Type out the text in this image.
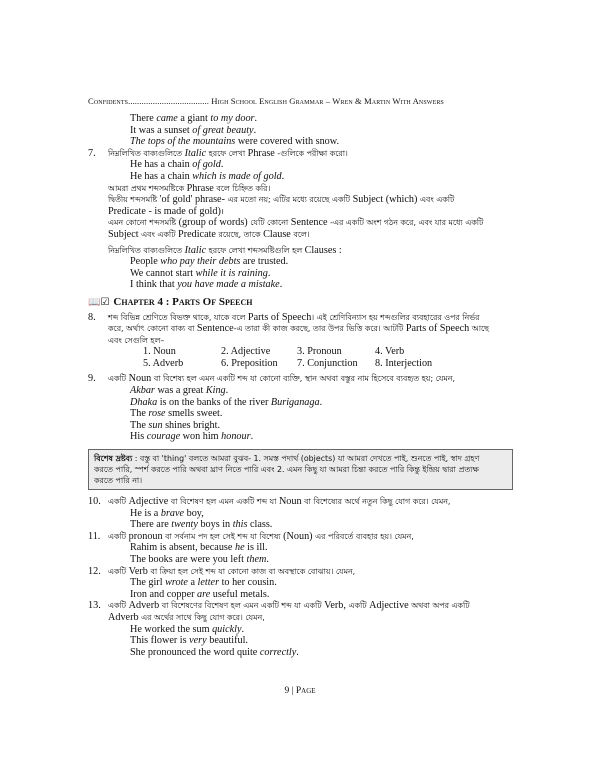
Confidents.................................... High School English Grammar – Wren & Martin With Answers
There came a giant to my door.
It was a sunset of great beauty.
The tops of the mountains were covered with snow.
7. নিম্নলিখিত বাক্যগুলিতে Italic হরফে লেখা Phrase -গুলিকে পরীক্ষা করো।
He has a chain of gold.
He has a chain which is made of gold.
আমরা প্রথম শব্দসমষ্টিকে Phrase বলে চিহ্নিত করি।
দ্বিতীয় শব্দসমষ্টি 'of gold' phrase- এর মতো নয়; এটির মধ্যে রয়েছে একটি Subject (which) এবং একটি
Predicate - is made of gold)।
এমন কোনো শব্দসমষ্টি (group of words) যেটি কোনো Sentence -এর একটি অংশ গঠন করে, এবং যার মধ্যে একটি
Subject এবং একটি Predicate রয়েছে, তাকে Clause বলে।
নিম্নলিখিত বাক্যগুলিতে Italic হরফে লেখা শব্দসমষ্টিগুলি হল Clauses :
People who pay their debts are trusted.
We cannot start while it is raining.
I think that you have made a mistake.
📖☑ Chapter 4 : Parts Of Speech
8. শব্দ বিভিন্ন শ্রেণিতে বিভক্ত থাকে, যাকে বলে Parts of Speech। এই শ্রেণিবিন্যাস হয় শব্দগুলির ব্যবহারের ওপর নির্ভর
করে, অর্থাৎ কোনো বাক্য বা Sentence-এ তারা কী কাজ করছে, তার উপর ভিত্তি করে। আটটি Parts of Speech আছে
এবং সেগুলি হল–
1. Noun	2. Adjective	3. Pronoun	4. Verb
5. Adverb	6. Preposition	7. Conjunction	8. Interjection
9. একটি Noun বা বিশেষ্য হল এমন একটি শব্দ যা কোনো ব্যক্তি, স্থান অথবা বস্তুর নাম হিসেবে ব্যবহৃত হয়; যেমন,
Akbar was a great King.
Dhaka is on the banks of the river Buriganaga.
The rose smells sweet.
The sun shines bright.
His courage won him honour.
বিশেষ দ্রষ্টব্য : বস্তু বা 'thing' বলতে আমরা বুঝব- 1. সমস্ত পদার্থ (objects) যা আমরা দেখতে পাই, শুনতে পাই, স্বাদ গ্রহণ
করতে পারি, স্পর্শ করতে পারি অথবা ঘ্রাণ নিতে পারি এবং 2. এমন কিছু যা আমরা চিন্তা করতে পারি কিন্তু ইন্দ্রিয় দ্বারা প্রত্যক্ষ
করতে পারি না।
10. একটি Adjective বা বিশেষণ হল এমন একটি শব্দ যা Noun বা বিশেষ্যের অর্থে নতুন কিছু যোগ করে। যেমন,
He is a brave boy,
There are twenty boys in this class.
11. একটি pronoun বা সর্বনাম পদ হল সেই শব্দ যা বিশেষ্য (Noun) এর পরিবর্তে ব্যবহার হয়। যেমন,
Rahim is absent, because he is ill.
The books are were you left them.
12. একটি Verb বা ক্রিয়া হল সেই শব্দ যা কোনো কাজ বা অবস্থাকে বোঝায়। যেমন,
The girl wrote a letter to her cousin.
Iron and copper are useful metals.
13. একটি Adverb বা বিশেষণের বিশেষণ হল এমন একটি শব্দ যা একটি Verb, একটি Adjective অথবা অপর একটি
Adverb এর অর্থের সাথে কিছু যোগ করে। যেমন,
He worked the sum quickly.
This flower is very beautiful.
She pronounced the word quite correctly.
9 | Page
